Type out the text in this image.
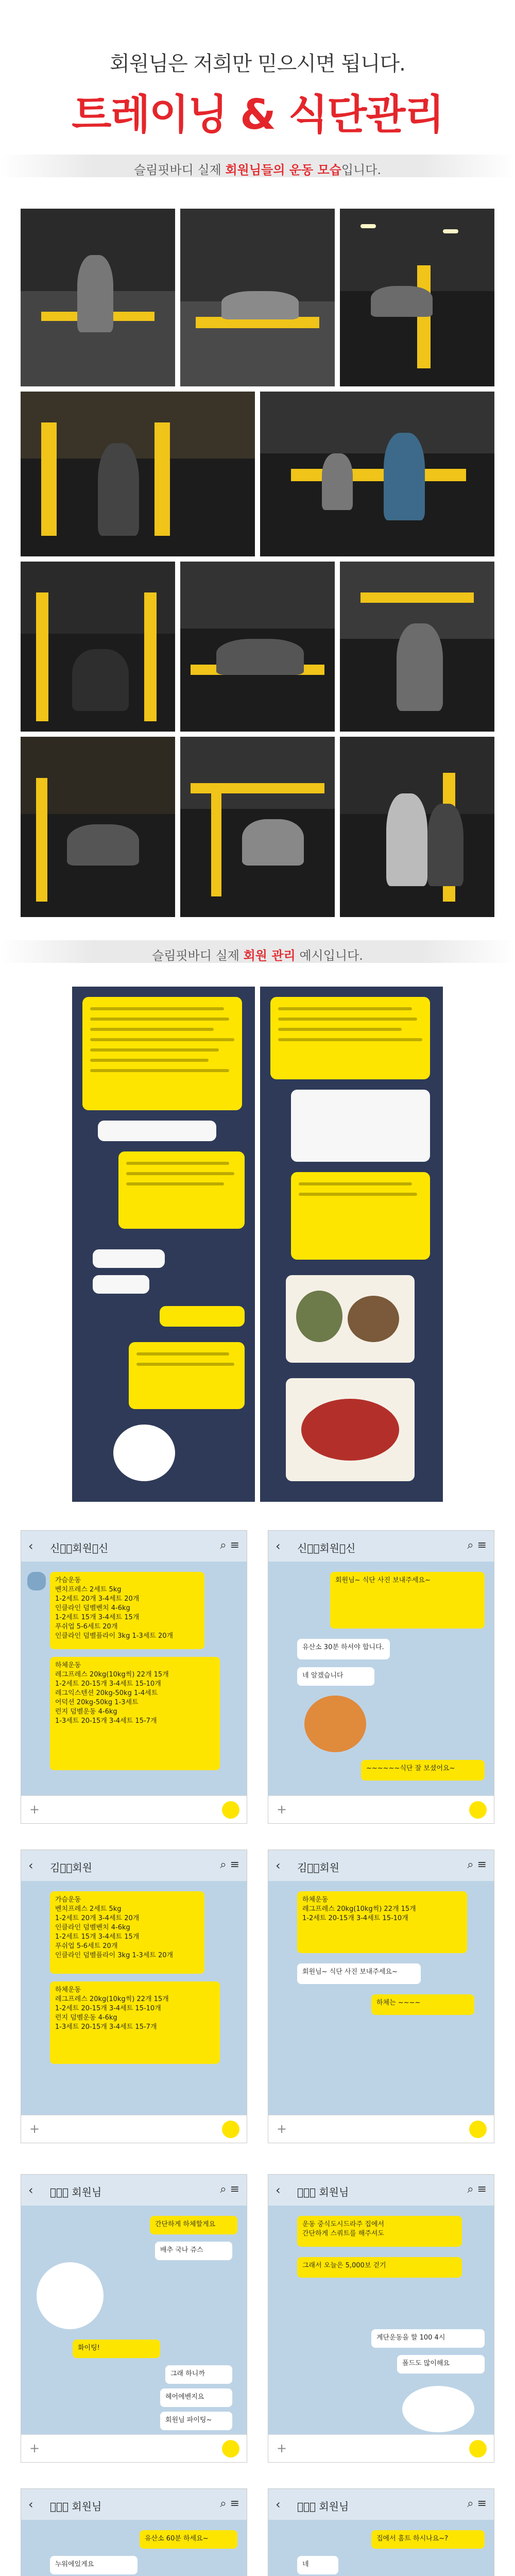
회원님은 저희만 믿으시면 됩니다.
트레이닝 & 식단관리
슬림핏바디 실제 회원님들의 운동 모습입니다.
슬림핏바디 실제 회원 관리 예시입니다.
‹ 신  회원 신	⌕ ≡
가슴운동
벤치프레스 2세트 5kg
1-2세트 20개 3-4세트 20개
인클라인 덤벨벤치 4-6kg
1-2세트 15개 3-4세트 15개
푸쉬업 5-6세트 20개
인클라인 덤벨플라이 3kg 1-3세트 20개
하체운동
레그프레스 20kg(10kg씩) 22개 15개
1-2세트 20-15개 3-4세트 15-10개
레그익스텐션 20kg-50kg 1-4세트
어덕션 20kg-50kg 1-3세트
런지 덤벨운동 4-6kg
1-3세트 20-15개 3-4세트 15-7개
+
‹ 신  회원 신	⌕ ≡
회원님~ 식단 사진 보내주세요~
유산소 30분 하셔야 합니다.
네 알겠습니다
~~~~~~식단 잘 보셨어요~
+
‹ 김  회원	⌕ ≡
가슴운동
벤치프레스 2세트 5kg
1-2세트 20개 3-4세트 20개
인클라인 덤벨벤치 4-6kg
1-2세트 15개 3-4세트 15개
푸쉬업 5-6세트 20개
인클라인 덤벨플라이 3kg 1-3세트 20개
하체운동
레그프레스 20kg(10kg씩) 22개 15개
1-2세트 20-15개 3-4세트 15-10개
런지 덤벨운동 4-6kg
1-3세트 20-15개 3-4세트 15-7개
+
‹ 김  회원	⌕ ≡
하체운동
레그프레스 20kg(10kg씩) 22개 15개
1-2세트 20-15개 3-4세트 15-10개
회원님~ 식단 사진 보내주세요~
하체는 ~~~~
+
‹     회원님	⌕ ≡
간단하게 하체할게요
배추 국나 쥬스
화이팅!
그래 하니까
헤어에벤지요
회원님 파이팅~
+
‹     회원님	⌕ ≡
운동 중식도시드라주 집에서
간단하게 스쿼트를 해주셔도
그래서 오늘은 5,000보 걷기
계단운동을 할 100 4시
폴드도 많이해요
+
‹     회원님	⌕ ≡
유산소 60분 하세요~
누워에있게요
‹     회원님	⌕ ≡
집에서 홈트 하시나요~?
네
